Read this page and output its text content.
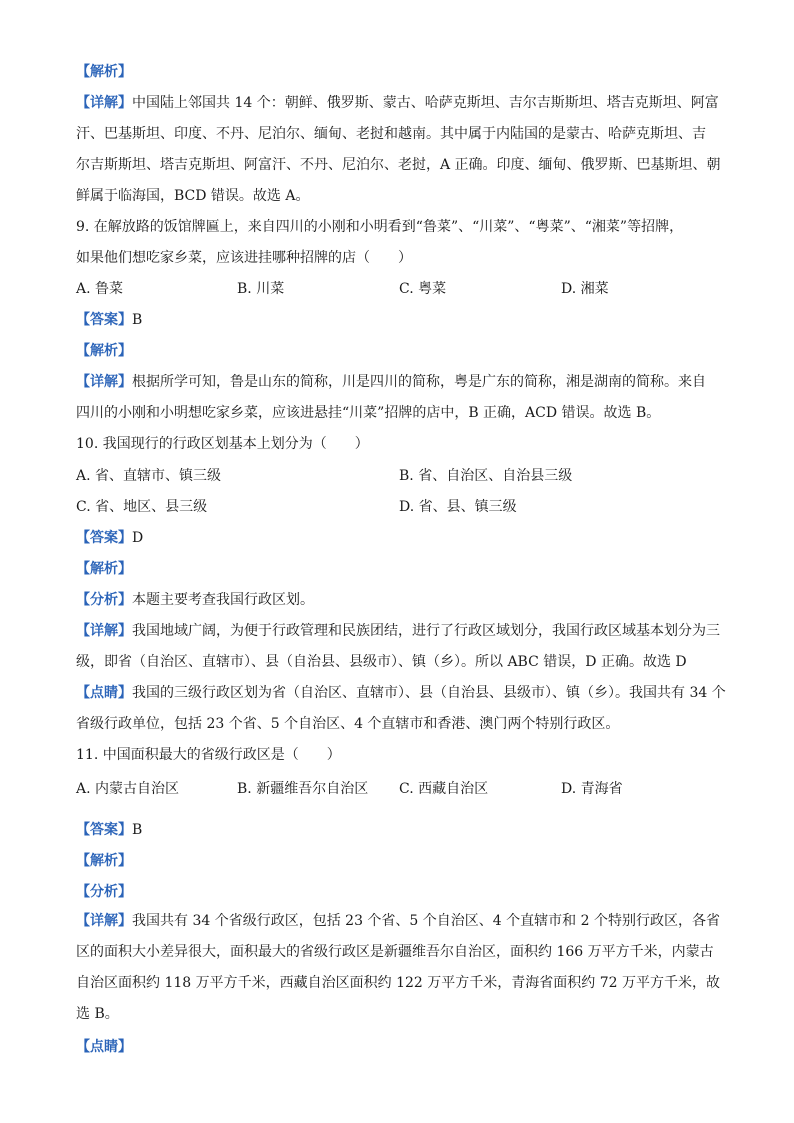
【解析】
【详解】中国陆上邻国共 14 个：朝鲜、俄罗斯、蒙古、哈萨克斯坦、吉尔吉斯斯坦、塔吉克斯坦、阿富
汗、巴基斯坦、印度、不丹、尼泊尔、缅甸、老挝和越南。其中属于内陆国的是蒙古、哈萨克斯坦、吉
尔吉斯斯坦、塔吉克斯坦、阿富汗、不丹、尼泊尔、老挝，A 正确。印度、缅甸、俄罗斯、巴基斯坦、朝
鲜属于临海国，BCD 错误。故选 A。
9. 在解放路的饭馆牌匾上，来自四川的小刚和小明看到“鲁菜”、“川菜”、“粤菜”、“湘菜”等招牌，
如果他们想吃家乡菜，应该进挂哪种招牌的店（　　）
A. 鲁菜	B. 川菜	C. 粤菜	D. 湘菜
【答案】B
【解析】
【详解】根据所学可知，鲁是山东的简称，川是四川的简称，粤是广东的简称，湘是湖南的简称。来自
四川的小刚和小明想吃家乡菜，应该进悬挂“川菜”招牌的店中，B 正确，ACD 错误。故选 B。
10. 我国现行的行政区划基本上划分为（　　）
A. 省、直辖市、镇三级	B. 省、自治区、自治县三级
C. 省、地区、县三级	D. 省、县、镇三级
【答案】D
【解析】
【分析】本题主要考查我国行政区划。
【详解】我国地域广阔，为便于行政管理和民族团结，进行了行政区域划分，我国行政区域基本划分为三
级，即省（自治区、直辖市）、县（自治县、县级市）、镇（乡）。所以 ABC 错误，D 正确。故选 D
【点睛】我国的三级行政区划为省（自治区、直辖市）、县（自治县、县级市）、镇（乡）。我国共有 34 个
省级行政单位，包括 23 个省、5 个自治区、4 个直辖市和香港、澳门两个特别行政区。
11. 中国面积最大的省级行政区是（　　）
A. 内蒙古自治区	B. 新疆维吾尔自治区 C. 西藏自治区	D. 青海省
【答案】B
【解析】
【分析】
【详解】我国共有 34 个省级行政区，包括 23 个省、5 个自治区、4 个直辖市和 2 个特别行政区，各省区的面积大小差异很大，面积最大的省级行政区是新疆维吾尔自治区，面积约 166 万平方千米，内蒙古自治区面积约 118 万平方千米，西藏自治区面积约 122 万平方千米，青海省面积约 72 万平方千米，故选 B。
【点睛】
